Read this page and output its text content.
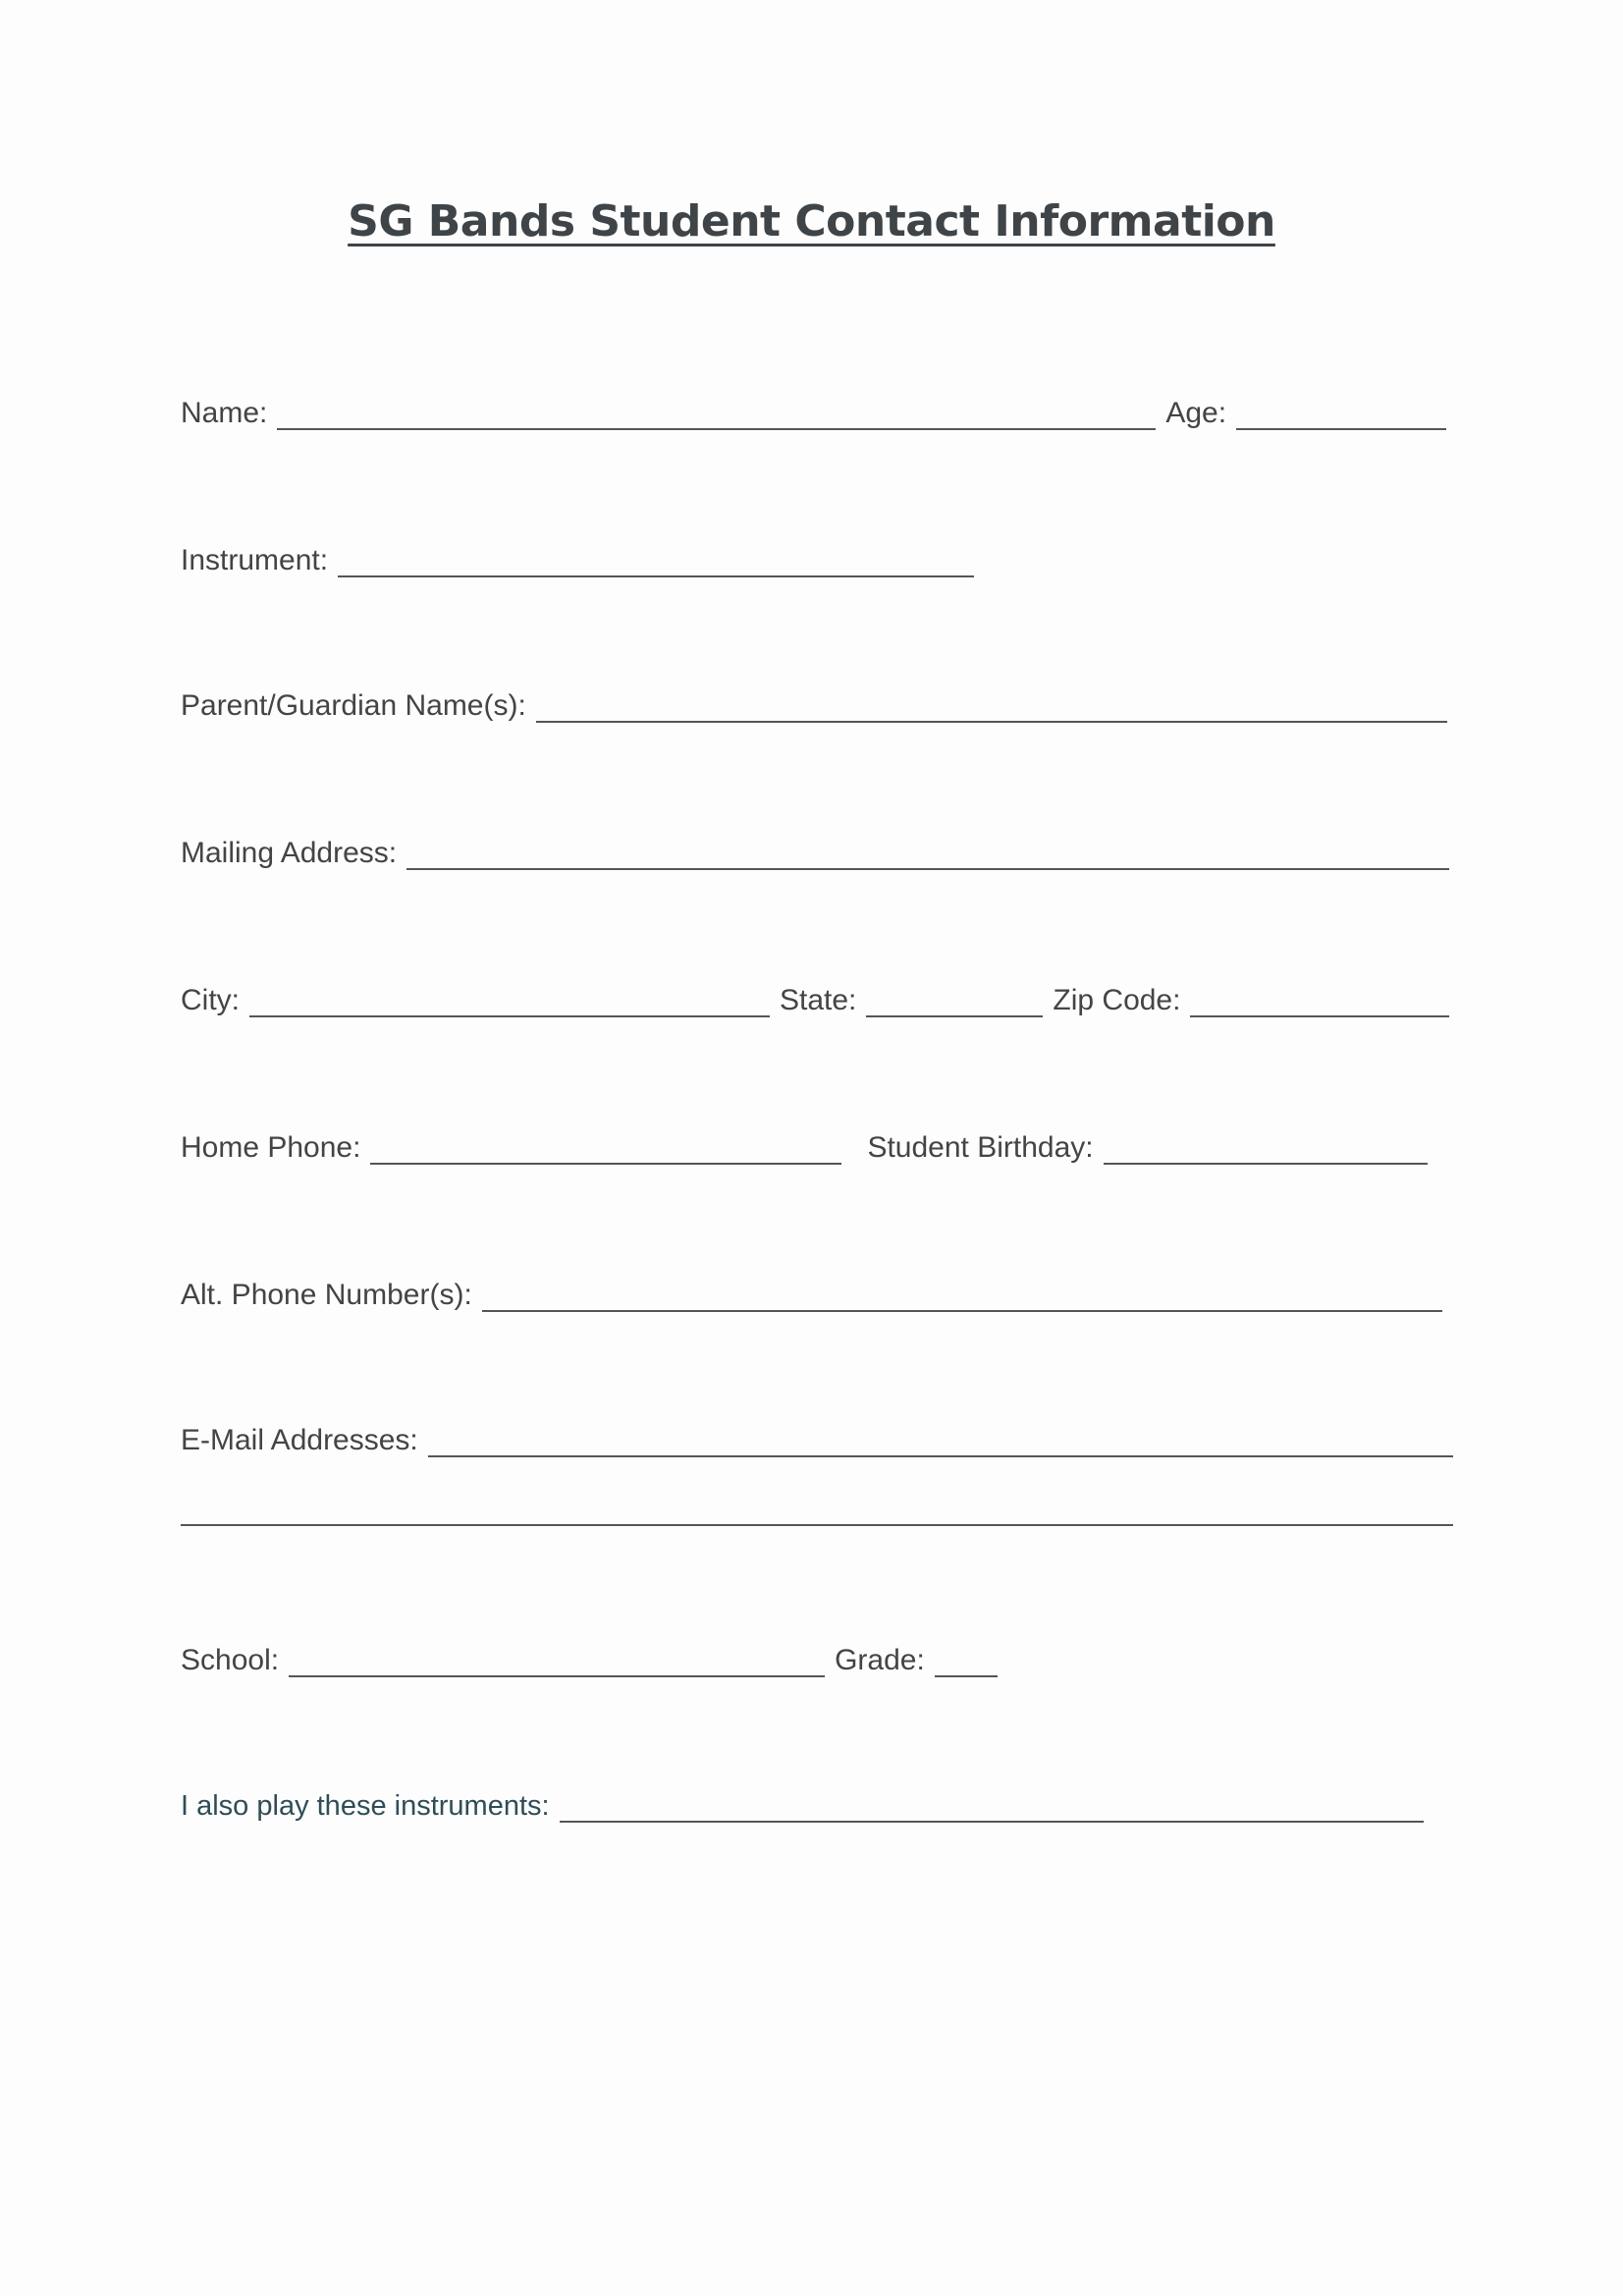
SG Bands Student Contact Information
Name:	Age:
Instrument:
Parent/Guardian Name(s):
Mailing Address:
City:	State:	Zip Code:
Home Phone:	Student Birthday:
Alt. Phone Number(s):
E-Mail Addresses:
School:	Grade:
I also play these instruments:
